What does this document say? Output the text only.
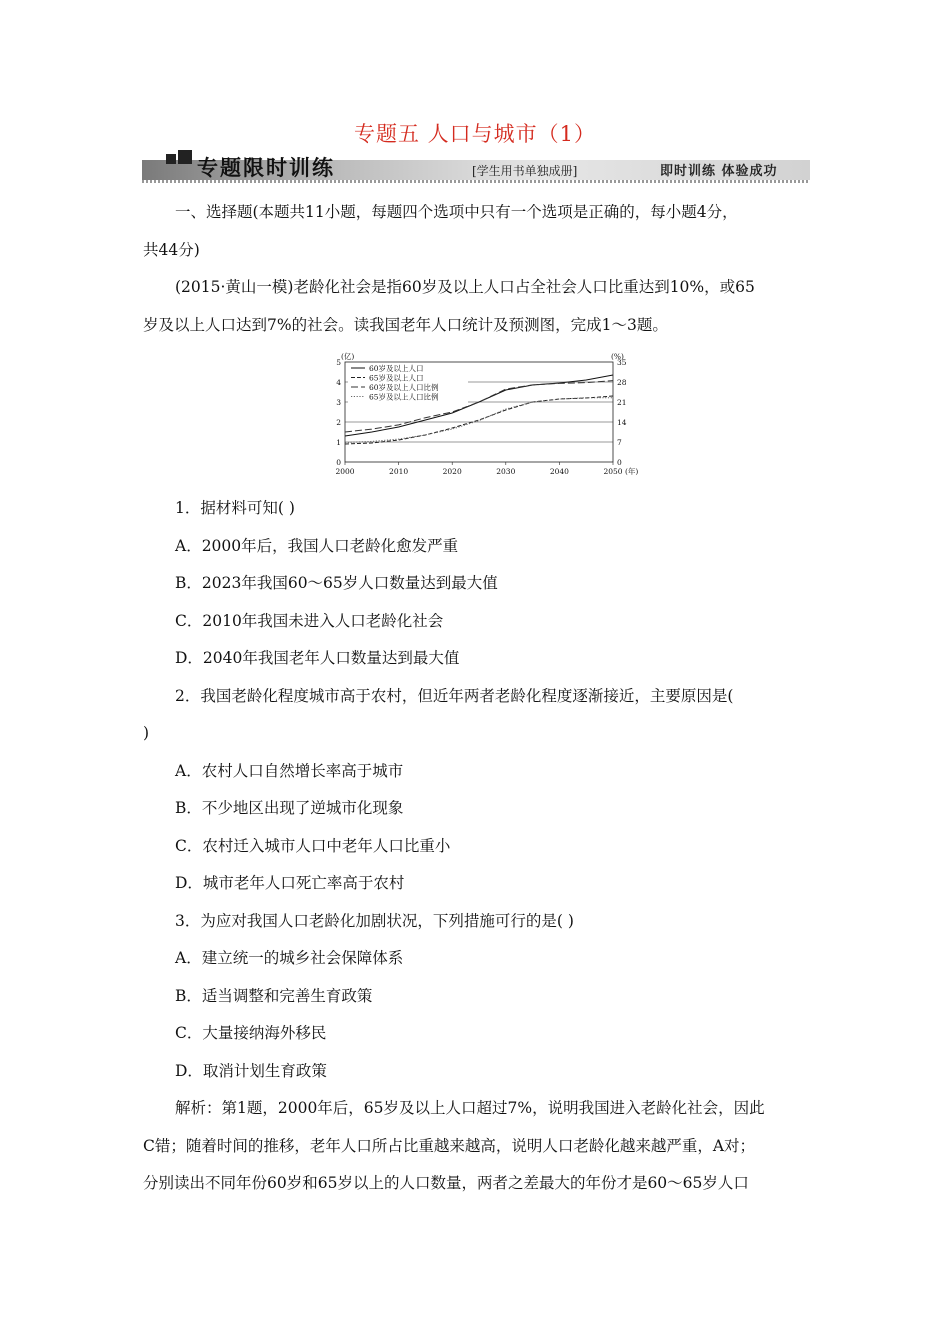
专题五 人口与城市（1）
专题限时训练	[学生用书单独成册]	即时训练 体验成功

一、选择题(本题共11小题，每题四个选项中只有一个选项是正确的，每小题4分，

共44分)

(2015·黄山一模)老龄化社会是指60岁及以上人口占全社会人口比重达到10%，或65

岁及以上人口达到7%的社会。读我国老年人口统计及预测图，完成1～3题。

0
1
2
3
4
5
0
7
14
21
28
35
2000	2010	2020	2030	2040	2050 (年)
(亿)	(%)
60岁及以上人口
65岁及以上人口
60岁及以上人口比例
65岁及以上人口比例

1．据材料可知( )

A．2000年后，我国人口老龄化愈发严重

B．2023年我国60～65岁人口数量达到最大值

C．2010年我国未进入人口老龄化社会

D．2040年我国老年人口数量达到最大值

2．我国老龄化程度城市高于农村，但近年两者老龄化程度逐渐接近，主要原因是(

)

A．农村人口自然增长率高于城市

B．不少地区出现了逆城市化现象

C．农村迁入城市人口中老年人口比重小

D．城市老年人口死亡率高于农村

3．为应对我国人口老龄化加剧状况，下列措施可行的是( )

A．建立统一的城乡社会保障体系

B．适当调整和完善生育政策

C．大量接纳海外移民

D．取消计划生育政策

解析：第1题，2000年后，65岁及以上人口超过7%，说明我国进入老龄化社会，因此

C错；随着时间的推移，老年人口所占比重越来越高，说明人口老龄化越来越严重，A对；

分别读出不同年份60岁和65岁以上的人口数量，两者之差最大的年份才是60～65岁人口
